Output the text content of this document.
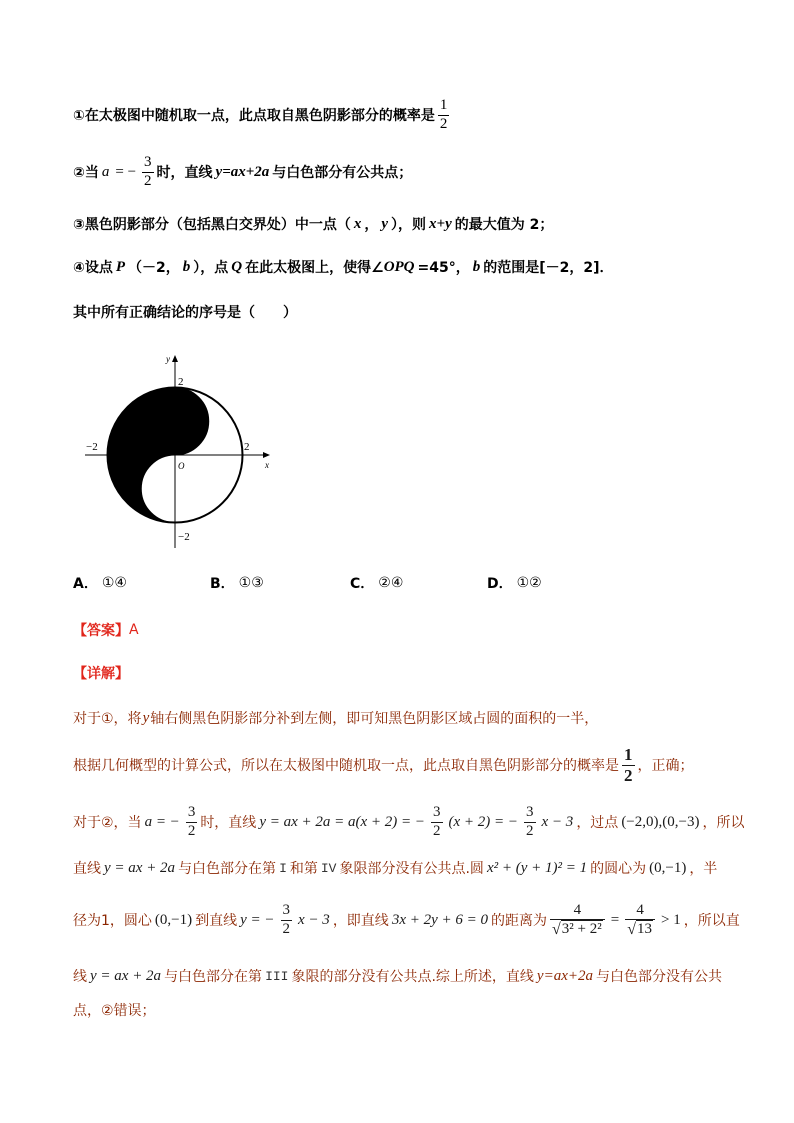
①在太极图中随机取一点，此点取自黑色阴影部分的概率是 $\frac{1}{2}$
②当 a = − $\frac{3}{2}$ 时，直线 y=ax+2a 与白色部分有公共点；
③黑色阴影部分（包括黑白交界处）中一点（ x ， y ），则 x+y 的最大值为 2；
④设点 P （－2， b ），点 Q 在此太极图上，使得∠ OPQ =45°， b 的范围是[－2，2]．
其中所有正确结论的序号是（　　）
y
x
2
−2	2
O
−2
A． ①④	B． ①③	C． ②④	D． ①②
【答案】 A
【详解】
对于①，将 y 轴右侧黑色阴影部分补到左侧，即可知黑色阴影区域占圆的面积的一半，
根据几何概型的计算公式，所以在太极图中随机取一点，此点取自黑色阴影部分的概率是 $\frac{1}{2}$ ，正确；
对于②，当 a = − $\frac{3}{2}$ 时，直线 y = ax + 2a = a(x + 2) = − $\frac{3}{2} (x + 2)$ = − $\frac{3}{2}$ x − 3 ，过点 (−2,0),(0,−3) ，所以
直线 y = ax + 2a 与白色部分在第 I 和第 IV 象限部分没有公共点.圆 x² + (y + 1)² = 1 的圆心为 (0,−1) ，半
径为1，圆心 (0,−1) 到直线 y = − $\frac{3}{2}$ x − 3 ，即直线 3x + 2y + 6 = 0 的距离为 $\frac{4}{\text{√ 3² + 2²}} = \frac{4}{√ 13} > 1$ ，所以直
线 y = ax + 2a 与白色部分在第 III 象限的部分没有公共点.综上所述，直线 y=ax+2a 与白色部分没有公共
点，②错误；
